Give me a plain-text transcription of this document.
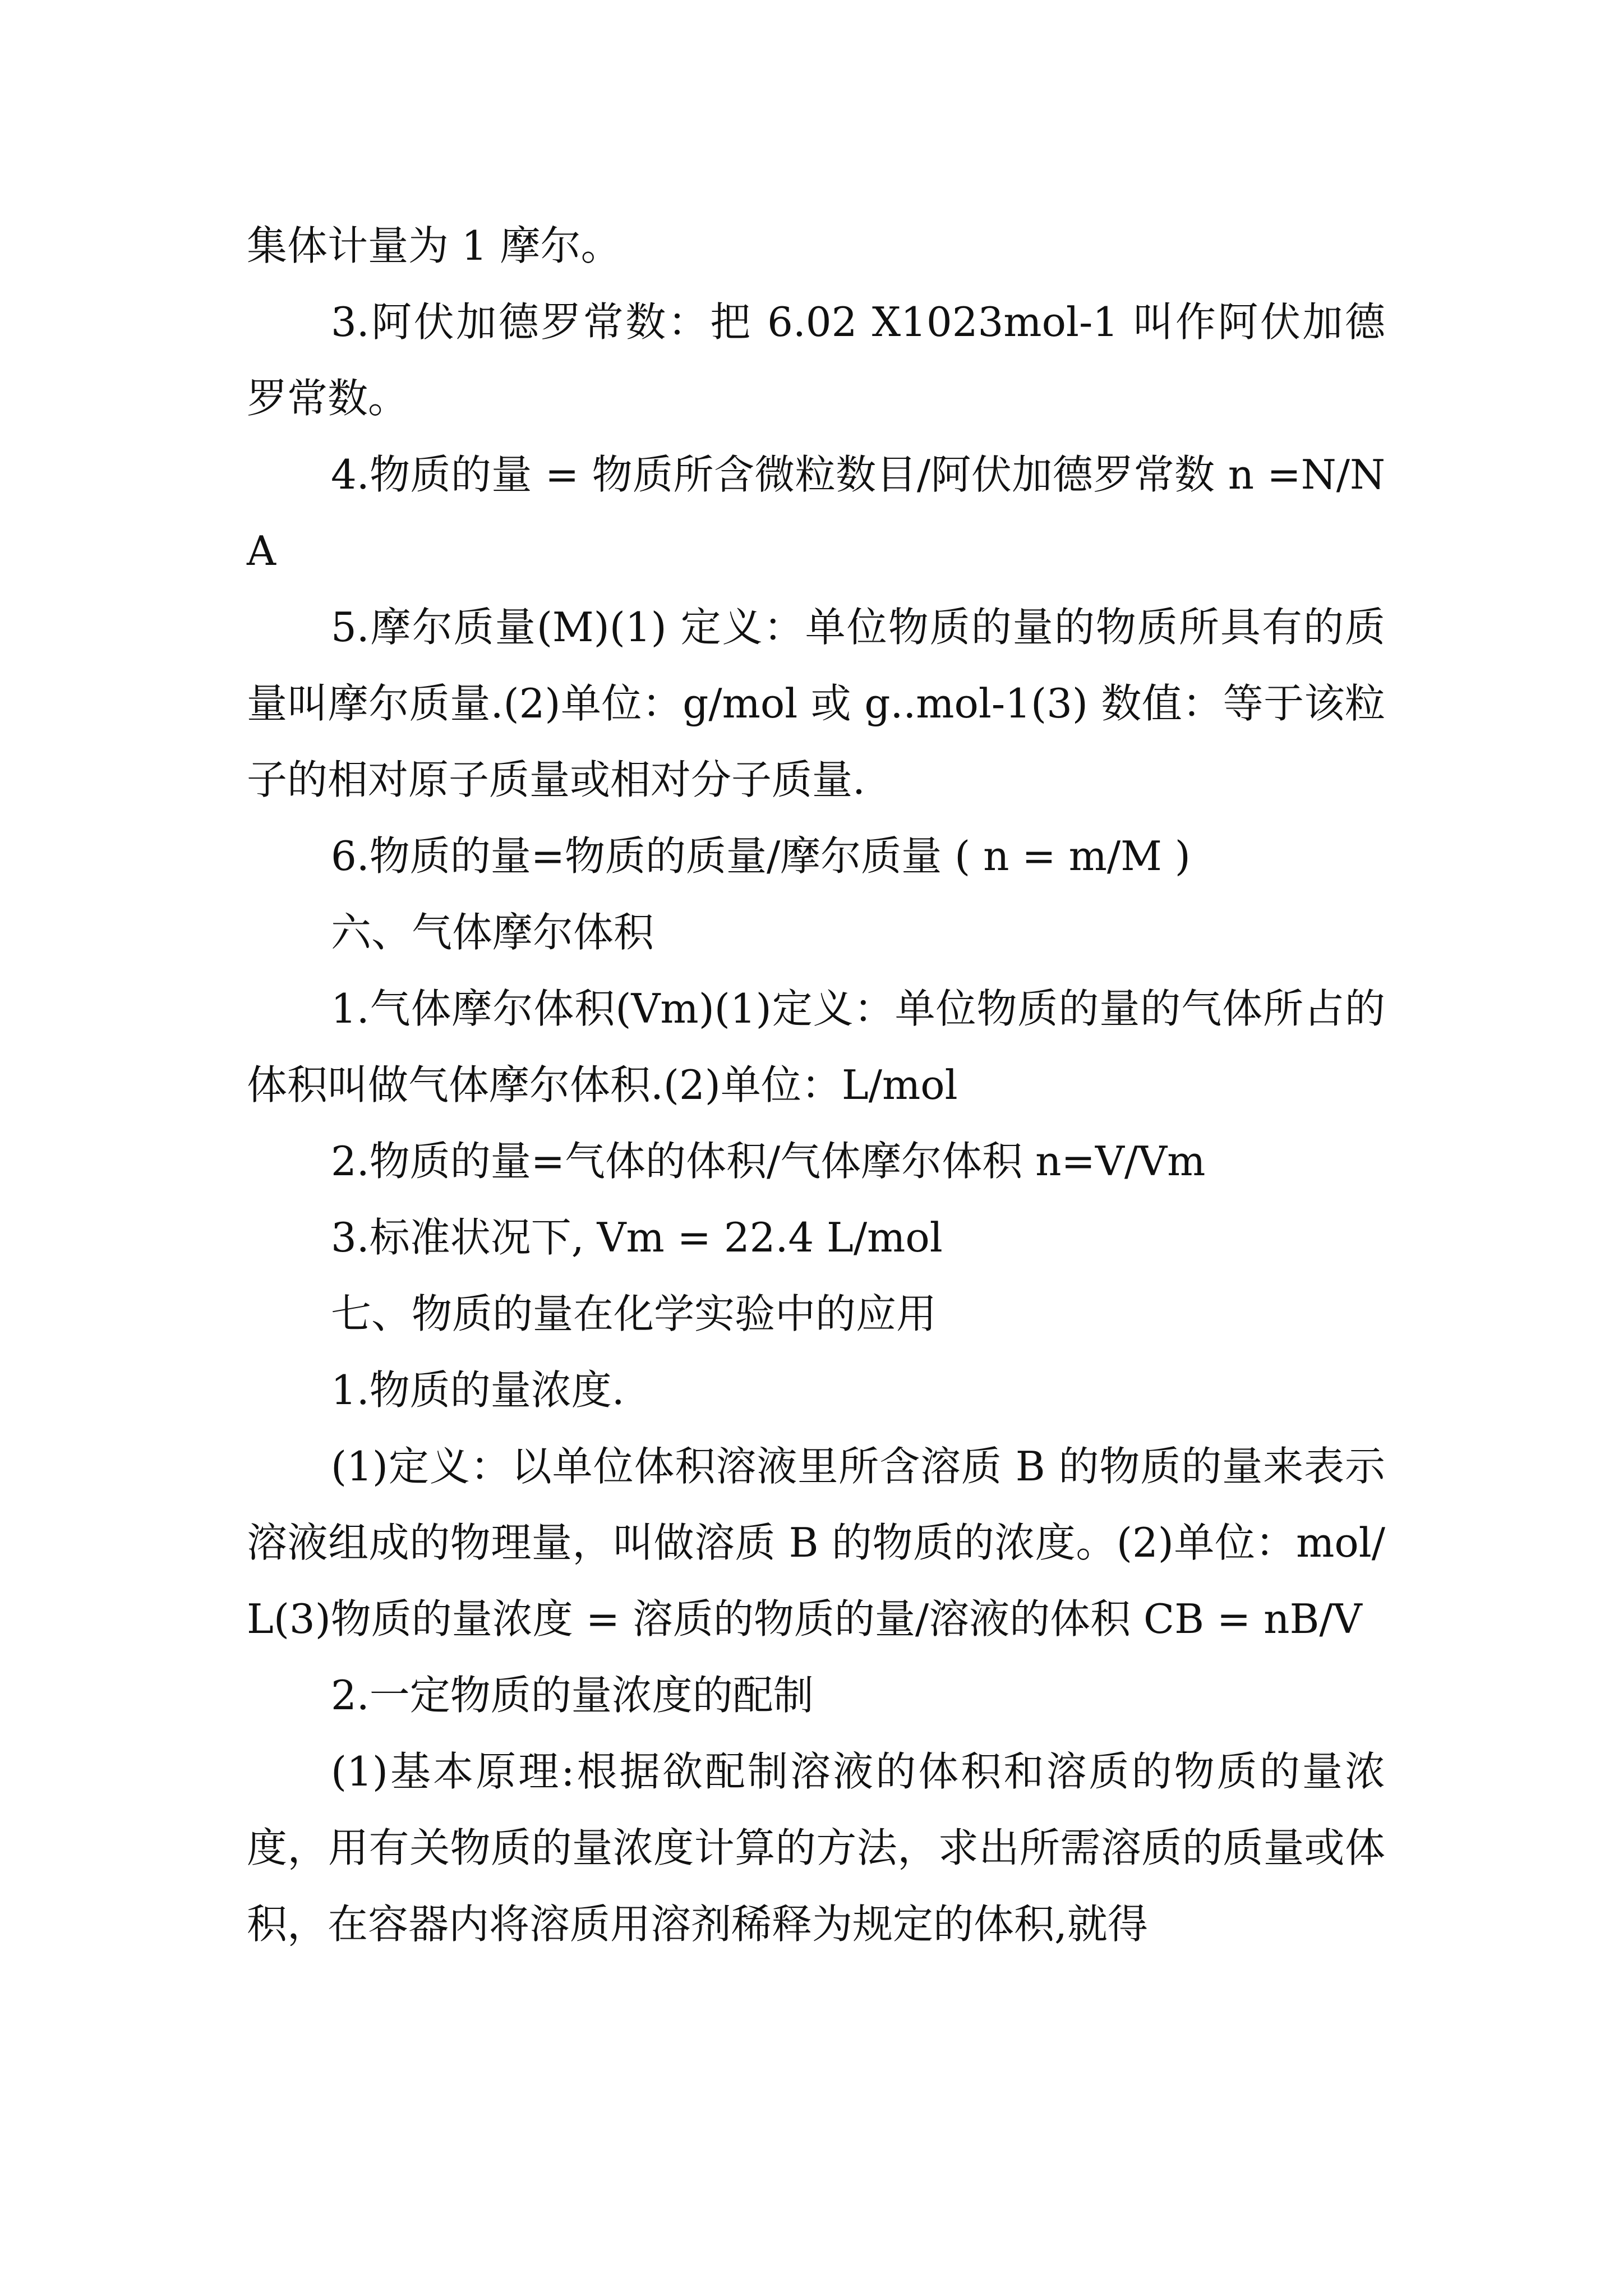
集体计量为 1 摩尔。

3.阿伏加德罗常数：把 6.02 X1023mol-1 叫作阿伏加德罗常数。

4.物质的量 = 物质所含微粒数目/阿伏加德罗常数 n =N/NA

5.摩尔质量(M)(1) 定义：单位物质的量的物质所具有的质量叫摩尔质量.(2)单位：g/mol 或 g..mol-1(3) 数值：等于该粒子的相对原子质量或相对分子质量.

6.物质的量=物质的质量/摩尔质量 ( n = m/M )

六、气体摩尔体积

1.气体摩尔体积(Vm)(1)定义：单位物质的量的气体所占的体积叫做气体摩尔体积.(2)单位：L/mol

2.物质的量=气体的体积/气体摩尔体积 n=V/Vm

3.标准状况下, Vm = 22.4 L/mol

七、物质的量在化学实验中的应用

1.物质的量浓度.

(1)定义：以单位体积溶液里所含溶质 B 的物质的量来表示溶液组成的物理量，叫做溶质 B 的物质的浓度。(2)单位：mol/L(3)物质的量浓度 = 溶质的物质的量/溶液的体积 CB = nB/V

2.一定物质的量浓度的配制

(1)基本原理:根据欲配制溶液的体积和溶质的物质的量浓度，用有关物质的量浓度计算的方法，求出所需溶质的质量或体积，在容器内将溶质用溶剂稀释为规定的体积,就得
